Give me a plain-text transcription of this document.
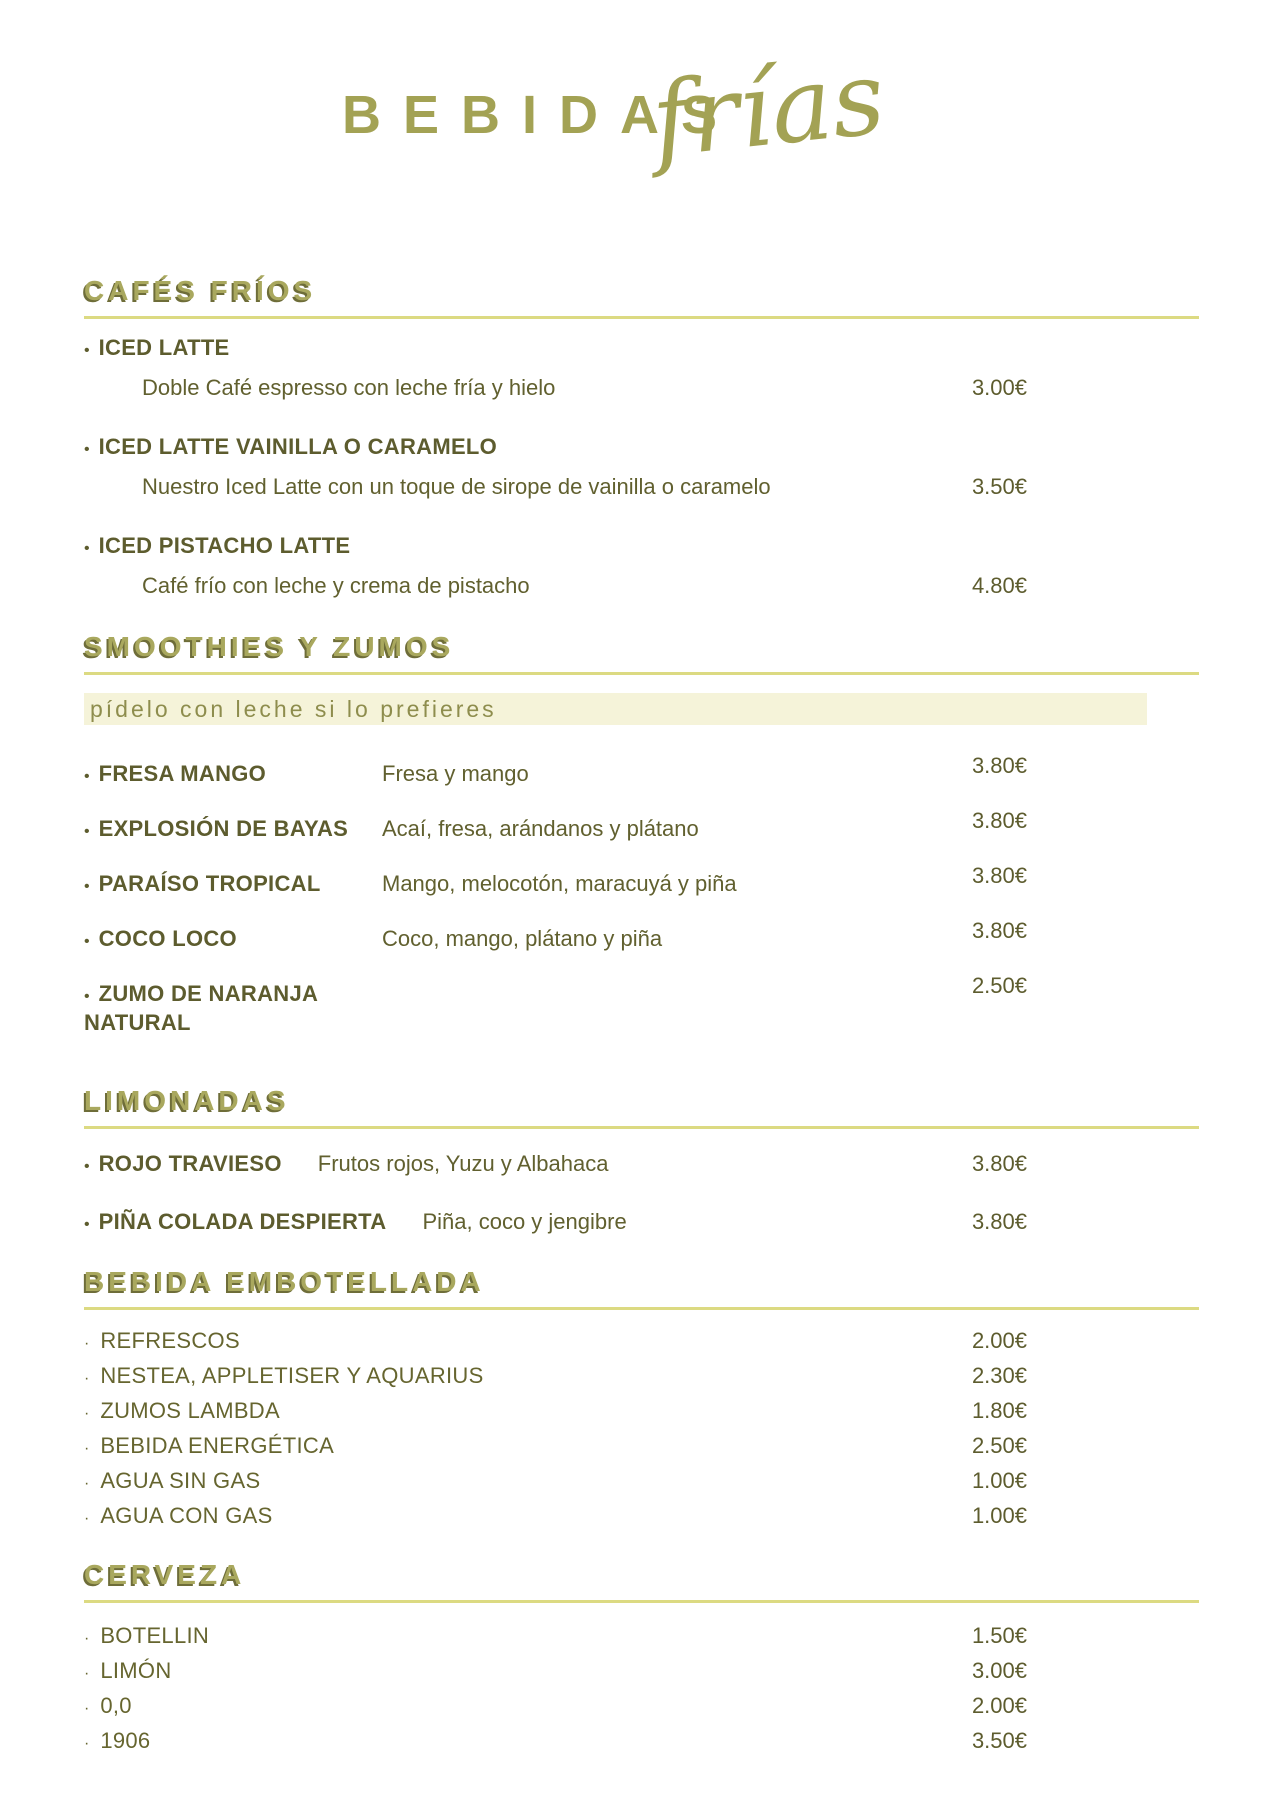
BEBIDAS
frías
CAFÉS FRÍOS
• ICED LATTE
Doble Café espresso con leche fría y hielo	3.00€
• ICED LATTE VAINILLA O CARAMELO
Nuestro Iced Latte con un toque de sirope de vainilla o caramelo	3.50€
• ICED PISTACHO LATTE
Café frío con leche y crema de pistacho	4.80€
SMOOTHIES Y ZUMOS
pídelo con leche si lo prefieres
• FRESA MANGO	Fresa y mango	3.80€
• EXPLOSIÓN DE BAYAS	Acaí, fresa, arándanos y plátano	3.80€
• PARAÍSO TROPICAL	Mango, melocotón, maracuyá y piña	3.80€
• COCO LOCO	Coco, mango, plátano y piña	3.80€
• ZUMO DE NARANJA NATURAL
2.50€
LIMONADAS
• ROJO TRAVIESO Frutos rojos, Yuzu y Albahaca	3.80€
• PIÑA COLADA DESPIERTA Piña, coco y jengibre	3.80€
BEBIDA EMBOTELLADA
· REFRESCOS	2.00€
· NESTEA, APPLETISER Y AQUARIUS	2.30€
· ZUMOS LAMBDA	1.80€
· BEBIDA ENERGÉTICA	2.50€
· AGUA SIN GAS	1.00€
· AGUA CON GAS	1.00€
CERVEZA
· BOTELLIN	1.50€
· LIMÓN	3.00€
· 0,0	2.00€
· 1906	3.50€
